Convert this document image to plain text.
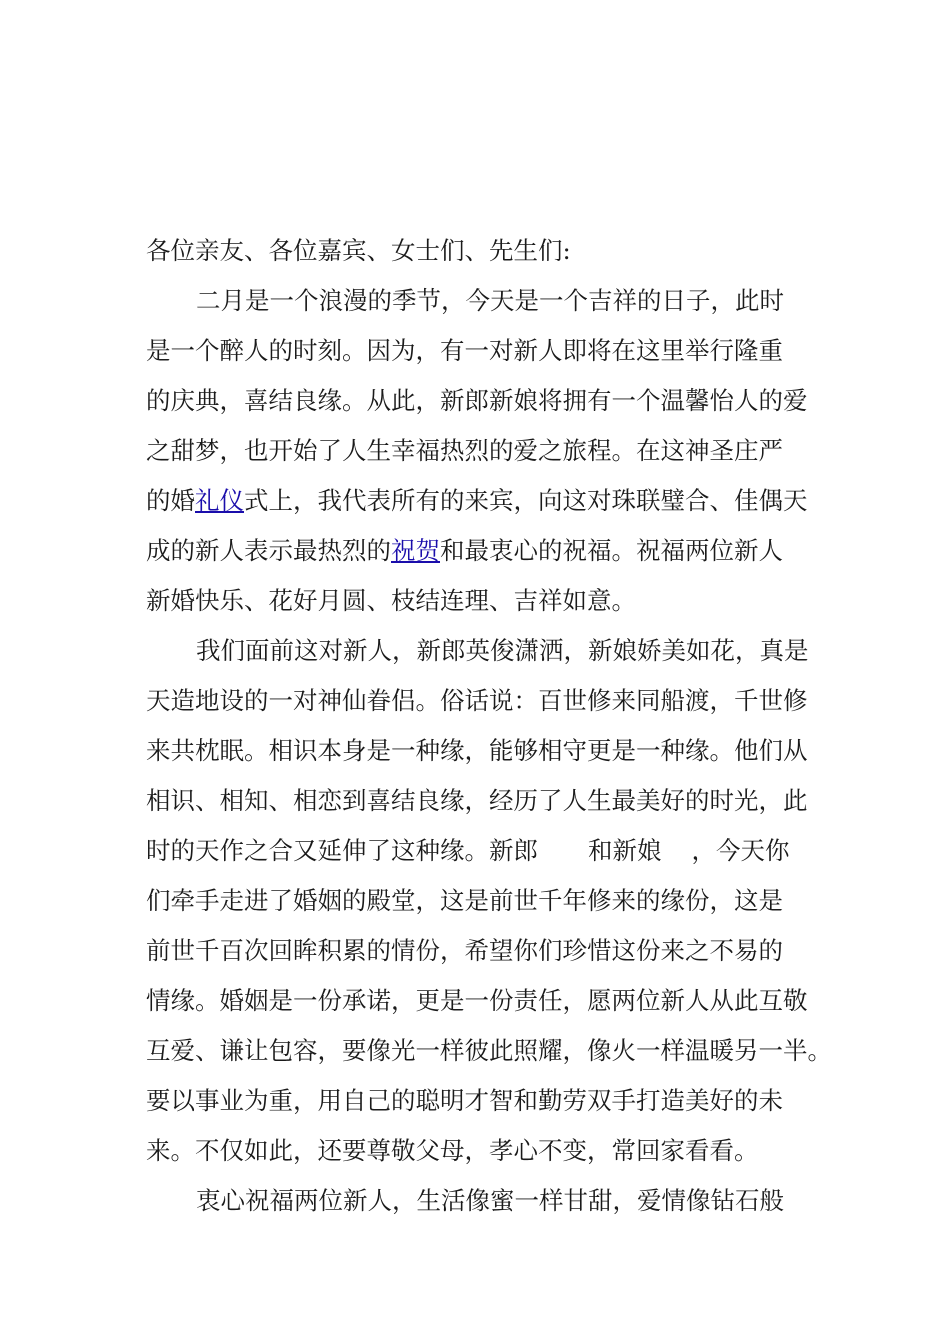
各位亲友、各位嘉宾、女士们、先生们:
二月是一个浪漫的季节，今天是一个吉祥的日子，此时
是一个醉人的时刻。因为，有一对新人即将在这里举行隆重
的庆典，喜结良缘。从此，新郎新娘将拥有一个温馨怡人的爱
之甜梦，也开始了人生幸福热烈的爱之旅程。在这神圣庄严
的婚礼仪式上，我代表所有的来宾，向这对珠联璧合、佳偶天
成的新人表示最热烈的祝贺和最衷心的祝福。祝福两位新人
新婚快乐、花好月圆、枝结连理、吉祥如意。
我们面前这对新人，新郎英俊潇洒，新娘娇美如花，真是
天造地设的一对神仙眷侣。俗话说：百世修来同船渡，千世修
来共枕眠。相识本身是一种缘，能够相守更是一种缘。他们从
相识、相知、相恋到喜结良缘，经历了人生最美好的时光，此
时的天作之合又延伸了这种缘。新郎 和新娘 ，今天你
们牵手走进了婚姻的殿堂，这是前世千年修来的缘份，这是
前世千百次回眸积累的情份，希望你们珍惜这份来之不易的
情缘。婚姻是一份承诺，更是一份责任，愿两位新人从此互敬
互爱、谦让包容，要像光一样彼此照耀，像火一样温暖另一半。
要以事业为重，用自己的聪明才智和勤劳双手打造美好的未
来。不仅如此，还要尊敬父母，孝心不变，常回家看看。
衷心祝福两位新人，生活像蜜一样甘甜，爱情像钻石般
